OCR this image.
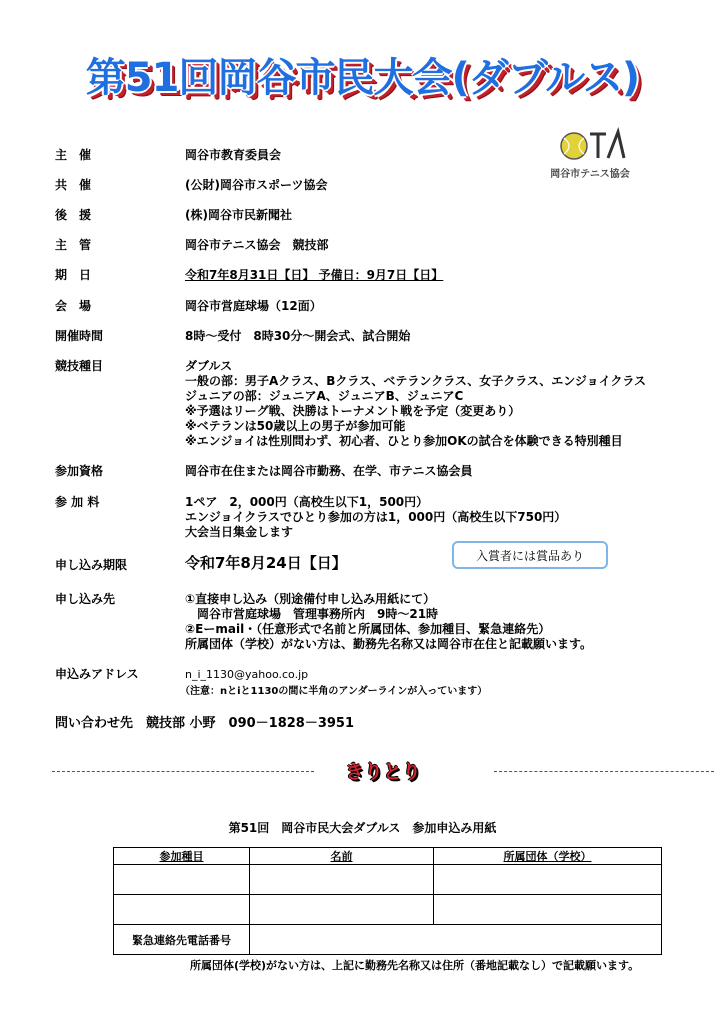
第51回岡谷市民大会(ダブルス)
岡谷市テニス協会
主　催	岡谷市教育委員会
共　催	(公財)岡谷市スポーツ協会
後　援	(株)岡谷市民新聞社
主　管	岡谷市テニス協会　競技部
期　日	令和7年8月31日【日】 予備日：9月7日【日】
会　場	岡谷市営庭球場（12面）
開催時間	8時～受付　8時30分～開会式、試合開始
競技種目	ダブルス
一般の部：男子Aクラス、Bクラス、ベテランクラス、女子クラス、エンジョイクラス
ジュニアの部：ジュニアA、ジュニアB、ジュニアC
※予選はリーグ戦、決勝はトーナメント戦を予定（変更あり）
※ベテランは50歳以上の男子が参加可能
※エンジョイは性別問わず、初心者、ひとり参加OKの試合を体験できる特別種目
参加資格	岡谷市在住または岡谷市勤務、在学、市テニス協会員
参 加 料	1ペア　2，000円（高校生以下1，500円）
エンジョイクラスでひとり参加の方は1，000円（高校生以下750円）
大会当日集金します
申し込み期限	令和7年8月24日【日】	入賞者には賞品あり
申し込み先	①直接申し込み（別途備付申し込み用紙にて）
　岡谷市営庭球場　管理事務所内　9時～21時
②Eーmail・（任意形式で名前と所属団体、参加種目、緊急連絡先）
所属団体（学校）がない方は、勤務先名称又は岡谷市在住と記載願います。
申込みアドレス	n_i_1130@yahoo.co.jp
（注意：nとiと1130の間に半角のアンダーラインが入っています）
問い合わせ先　競技部 小野　090－1828－3951
きりとり
第51回　岡谷市民大会ダブルス　参加申込み用紙
参加種目	名前	所属団体（学校）

緊急連絡先電話番号		
所属団体(学校)がない方は、上記に勤務先名称又は住所（番地記載なし）で記載願います。
